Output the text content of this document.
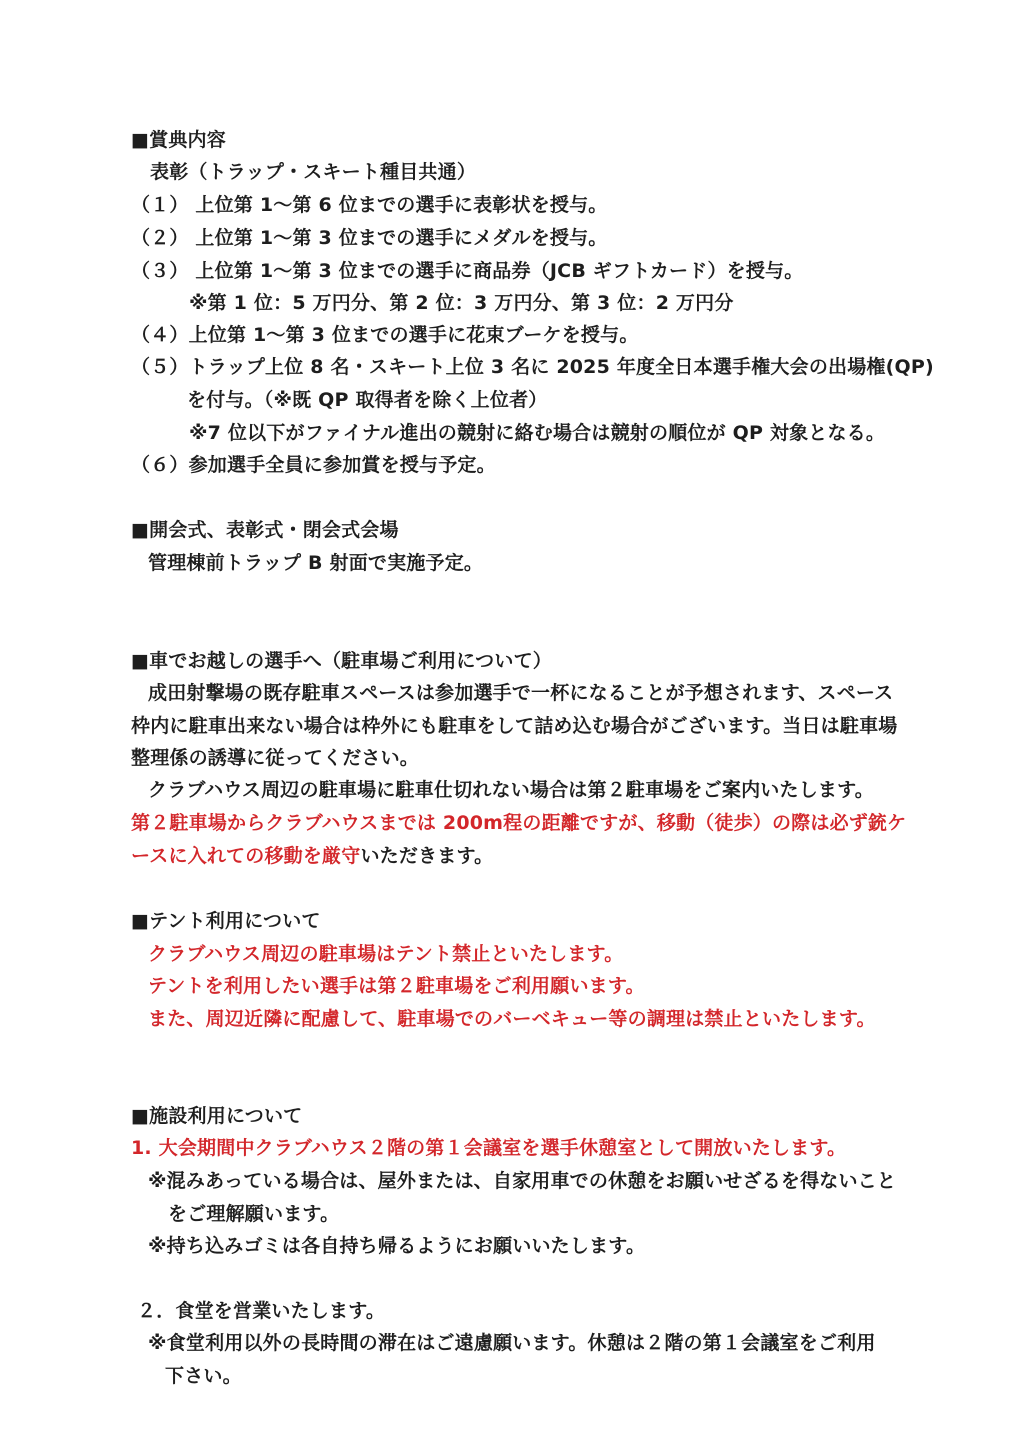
■賞典内容
表彰（トラップ・スキート種目共通）
（１） 上位第 1～第 6 位までの選手に表彰状を授与。
（２） 上位第 1～第 3 位までの選手にメダルを授与。
（３） 上位第 1～第 3 位までの選手に商品券（JCB ギフトカード）を授与。
※第 1 位：5 万円分、第 2 位：3 万円分、第 3 位：2 万円分
（４）上位第 1～第 3 位までの選手に花束ブーケを授与。
（５）トラップ上位 8 名・スキート上位 3 名に 2025 年度全日本選手権大会の出場権(QP)
を付与。（※既 QP 取得者を除く上位者）
※7 位以下がファイナル進出の競射に絡む場合は競射の順位が QP 対象となる。
（６）参加選手全員に参加賞を授与予定。
■開会式、表彰式・閉会式会場
管理棟前トラップ B 射面で実施予定。
■車でお越しの選手へ（駐車場ご利用について）
成田射撃場の既存駐車スペースは参加選手で一杯になることが予想されます、スペース
枠内に駐車出来ない場合は枠外にも駐車をして詰め込む場合がございます。当日は駐車場
整理係の誘導に従ってください。
クラブハウス周辺の駐車場に駐車仕切れない場合は第２駐車場をご案内いたします。
第２駐車場からクラブハウスまでは 200m程の距離ですが、移動（徒歩）の際は必ず銃ケ
ースに入れての移動を厳守いただきます。
■テント利用について
クラブハウス周辺の駐車場はテント禁止といたします。
テントを利用したい選手は第２駐車場をご利用願います。
また、周辺近隣に配慮して、駐車場でのバーベキュー等の調理は禁止といたします。
■施設利用について
1. 大会期間中クラブハウス２階の第１会議室を選手休憩室として開放いたします。
※混みあっている場合は、屋外または、自家用車での休憩をお願いせざるを得ないこと
をご理解願います。
※持ち込みゴミは各自持ち帰るようにお願いいたします。
２．食堂を営業いたします。
※食堂利用以外の長時間の滞在はご遠慮願います。休憩は２階の第１会議室をご利用
下さい。
